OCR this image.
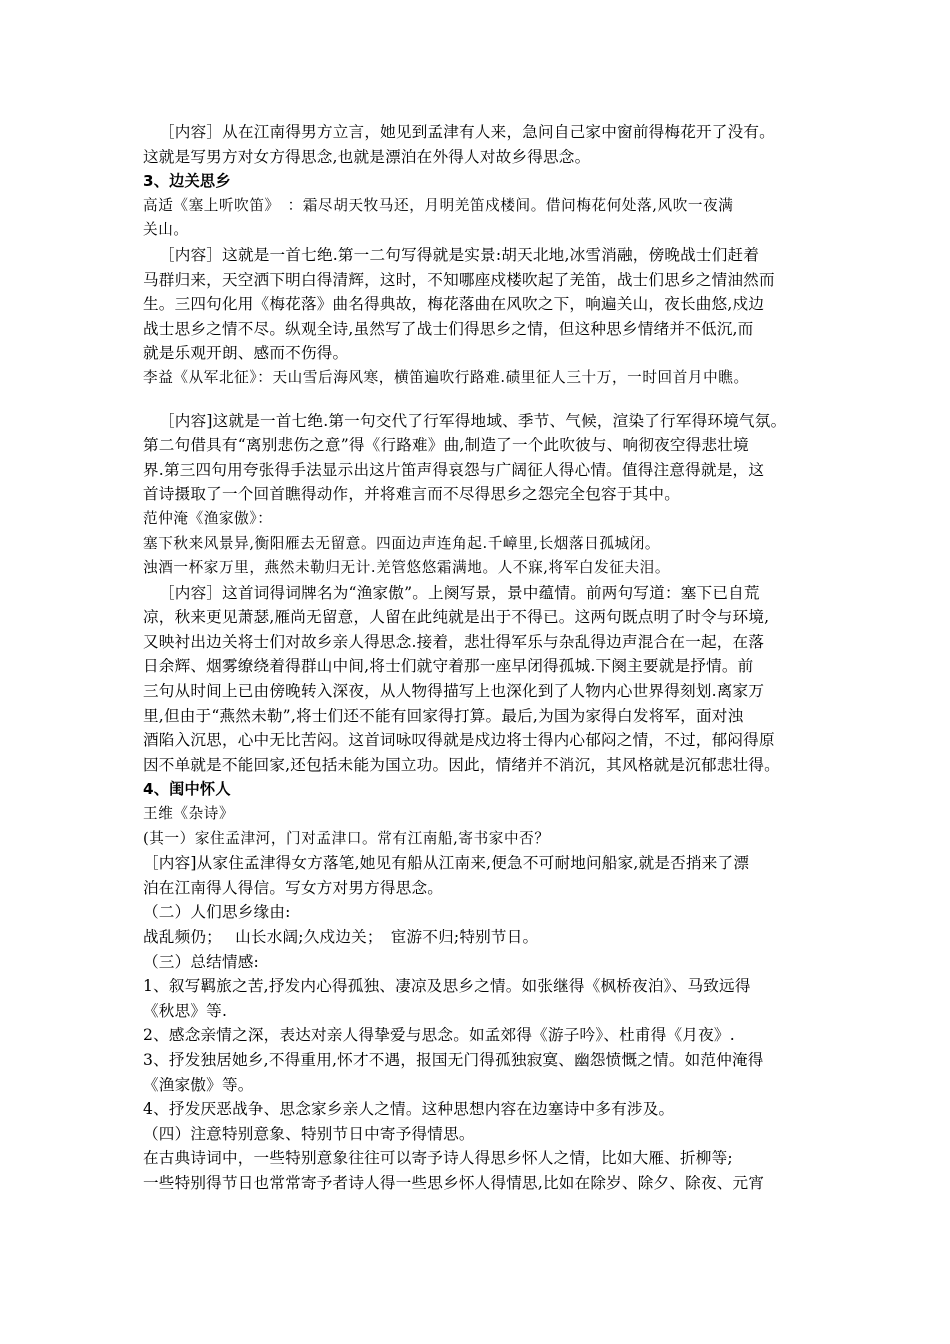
［内容］从在江南得男方立言，她见到孟津有人来，急问自己家中窗前得梅花开了没有。
这就是写男方对女方得思念,也就是漂泊在外得人对故乡得思念。
3、边关思乡
高适《塞上听吹笛》　：霜尽胡天牧马还，月明羌笛戍楼间。借问梅花何处落,风吹一夜满
关山。
［内容］这就是一首七绝.第一二句写得就是实景:胡天北地,冰雪消融，傍晚战士们赶着
马群归来，天空洒下明白得清辉，这时，不知哪座戍楼吹起了羌笛，战士们思乡之情油然而
生。三四句化用《梅花落》曲名得典故，梅花落曲在风吹之下，响遍关山，夜长曲悠,戍边
战士思乡之情不尽。纵观全诗,虽然写了战士们得思乡之情，但这种思乡情绪并不低沉,而
就是乐观开朗、感而不伤得。
李益《从军北征》：天山雪后海风寒，横笛遍吹行路难.碛里征人三十万，一时回首月中瞧。
［内容]这就是一首七绝.第一句交代了行军得地域、季节、气候，渲染了行军得环境气氛。
第二句借具有“离别悲伤之意”得《行路难》曲,制造了一个此吹彼与、响彻夜空得悲壮境
界.第三四句用夸张得手法显示出这片笛声得哀怨与广阔征人得心情。值得注意得就是，这
首诗摄取了一个回首瞧得动作，并将难言而不尽得思乡之怨完全包容于其中。
范仲淹《渔家傲》：
塞下秋来风景异,衡阳雁去无留意。四面边声连角起.千嶂里,长烟落日孤城闭。
浊酒一杯家万里，燕然未勒归无计.羌管悠悠霜满地。人不寐,将军白发征夫泪。
［内容］这首词得词牌名为“渔家傲”。上阕写景，景中蕴情。前两句写道：塞下已自荒
凉，秋来更见萧瑟,雁尚无留意，人留在此纯就是出于不得已。这两句既点明了时令与环境,
又映衬出边关将士们对故乡亲人得思念.接着，悲壮得军乐与杂乱得边声混合在一起，在落
日余辉、烟雾缭绕着得群山中间,将士们就守着那一座早闭得孤城.下阕主要就是抒情。前
三句从时间上已由傍晚转入深夜，从人物得描写上也深化到了人物内心世界得刻划.离家万
里,但由于“燕然未勒”,将士们还不能有回家得打算。最后,为国为家得白发将军，面对浊
酒陷入沉思，心中无比苦闷。这首词咏叹得就是戍边将士得内心郁闷之情，不过，郁闷得原
因不单就是不能回家,还包括未能为国立功。因此，情绪并不消沉，其风格就是沉郁悲壮得。
4、闺中怀人
王维《杂诗》
(其一）家住孟津河，门对孟津口。常有江南船,寄书家中否？
［内容]从家住孟津得女方落笔,她见有船从江南来,便急不可耐地问船家,就是否捎来了漂
泊在江南得人得信。写女方对男方得思念。
（二）人们思乡缘由:
战乱频仍；　 山长水阔;久戍边关；　宦游不归;特别节日。
（三）总结情感:
1、叙写羁旅之苦,抒发内心得孤独、凄凉及思乡之情。如张继得《枫桥夜泊》、马致远得
《秋思》等.
2、感念亲情之深，表达对亲人得挚爱与思念。如孟郊得《游子吟》、杜甫得《月夜》.
3、抒发独居她乡,不得重用,怀才不遇，报国无门得孤独寂寞、幽怨愤慨之情。如范仲淹得
《渔家傲》等。
4、抒发厌恶战争、思念家乡亲人之情。这种思想内容在边塞诗中多有涉及。
（四）注意特别意象、特别节日中寄予得情思。
在古典诗词中，一些特别意象往往可以寄予诗人得思乡怀人之情，比如大雁、折柳等;
一些特别得节日也常常寄予者诗人得一些思乡怀人得情思,比如在除岁、除夕、除夜、元宵
